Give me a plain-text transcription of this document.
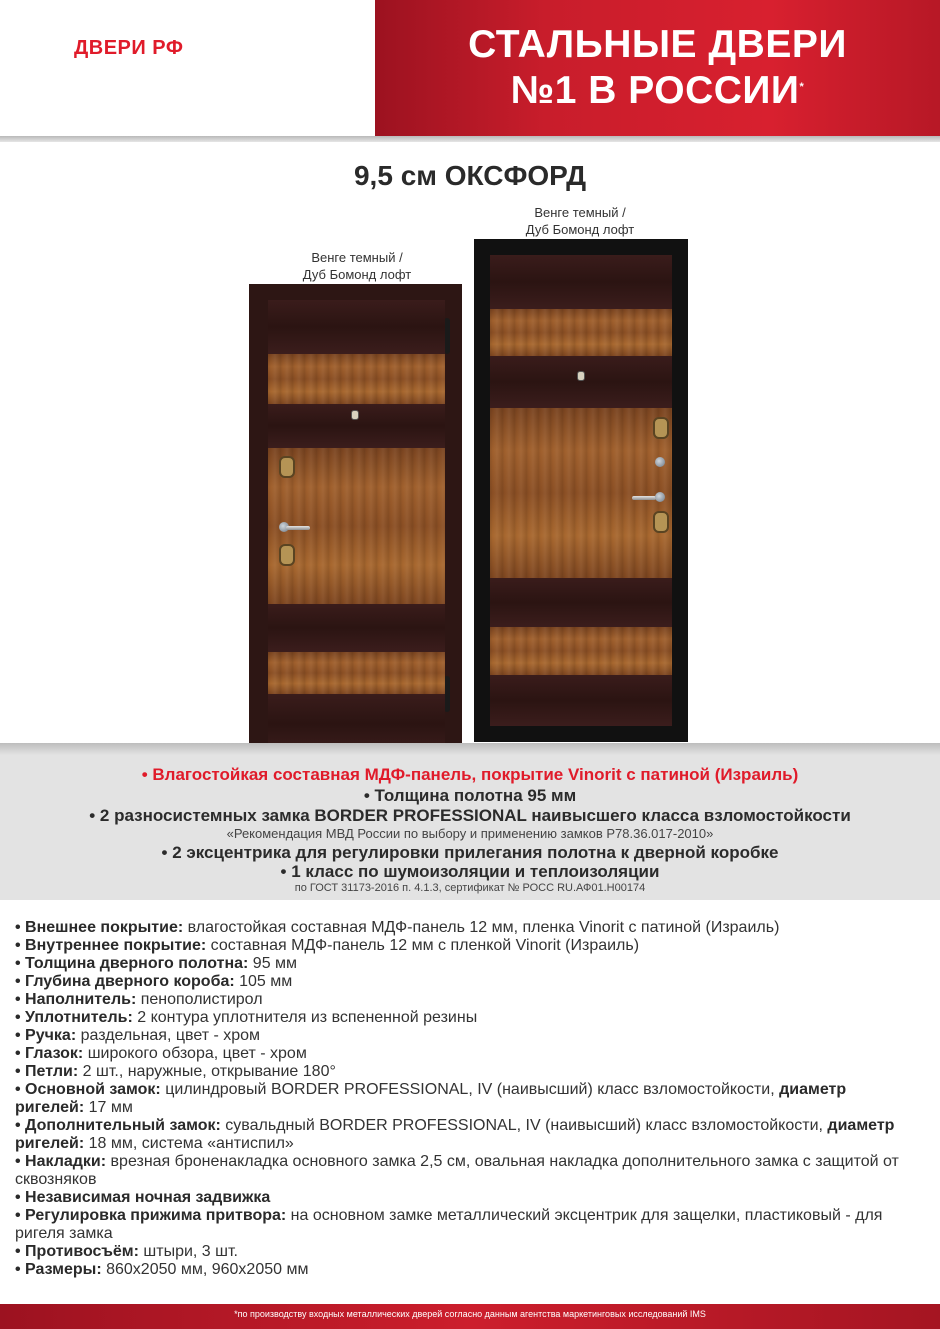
ДВЕРИ РФ	СТАЛЬНЫЕ ДВЕРИ
№1 В РОССИИ*
9,5 см ОКСФОРД
Венге темный /
Дуб Бомонд лофт
Венге темный /
Дуб Бомонд лофт
• Влагостойкая составная МДФ-панель, покрытие Vinorit с патиной (Израиль)
• Толщина полотна 95 мм
• 2 разносистемных замка BORDER PROFESSIONAL наивысшего класса взломостойкости
«Рекомендация МВД России по выбору и применению замков Р78.36.017-2010»
• 2 эксцентрика для регулировки прилегания полотна к дверной коробке
• 1 класс по шумоизоляции и теплоизоляции
по ГОСТ 31173-2016 п. 4.1.3, сертификат № РОСС RU.АФ01.Н00174

• Внешнее покрытие: влагостойкая составная МДФ-панель 12 мм, пленка Vinorit с патиной (Израиль)

• Внутреннее покрытие: составная МДФ-панель 12 мм с пленкой Vinorit (Израиль)

• Толщина дверного полотна: 95 мм

• Глубина дверного короба: 105 мм

• Наполнитель: пенополистирол

• Уплотнитель: 2 контура уплотнителя из вспененной резины

• Ручка: раздельная, цвет - хром

• Глазок: широкого обзора, цвет - хром

• Петли: 2 шт., наружные, открывание 180°

• Основной замок: цилиндровый BORDER PROFESSIONAL, IV (наивысший) класс взломостойкости, диаметр ригелей: 17 мм

• Дополнительный замок: сувальдный BORDER PROFESSIONAL, IV (наивысший) класс взломостойкости, диаметр ригелей: 18 мм, система «антиспил»

• Накладки: врезная броненакладка основного замка 2,5 см, овальная накладка дополнительного замка с защитой от сквозняков

• Независимая ночная задвижка

• Регулировка прижима притвора: на основном замке металлический эксцентрик для защелки, пластиковый - для ригеля замка

• Противосъём: штыри, 3 шт.

• Размеры: 860х2050 мм, 960х2050 мм

*по производству входных металлических дверей согласно данным агентства маркетинговых исследований IMS
